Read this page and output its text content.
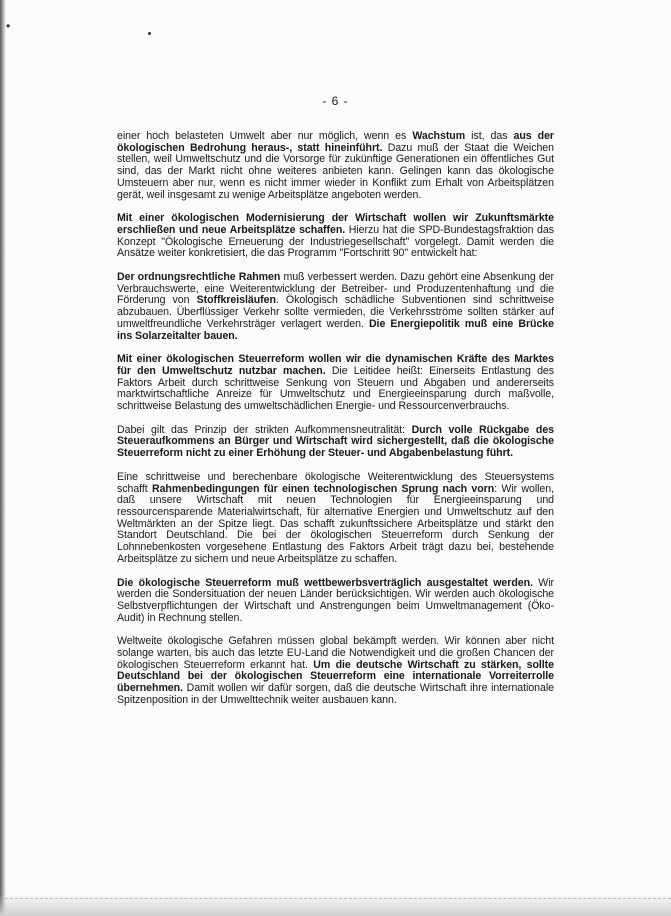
•
- 6 -

einer hoch belasteten Umwelt aber nur möglich, wenn es Wachstum ist, das aus der ökologischen Bedrohung heraus-, statt hineinführt. Dazu muß der Staat die Weichen stellen, weil Umweltschutz und die Vorsorge für zukünftige Generationen ein öffentliches Gut sind, das der Markt nicht ohne weiteres anbieten kann. Gelingen kann das ökologische Umsteuern aber nur, wenn es nicht immer wieder in Konflikt zum Erhalt von Arbeitsplätzen gerät, weil insgesamt zu wenige Arbeitsplätze angeboten werden.

Mit einer ökologischen Modernisierung der Wirtschaft wollen wir Zukunftsmärkte erschließen und neue Arbeitsplätze schaffen. Hierzu hat die SPD-Bundestagsfraktion das Konzept "Ökologische Erneuerung der Industriegesellschaft" vorgelegt. Damit werden die Ansätze weiter konkretisiert, die das Programm "Fortschritt 90" entwickelt hat:

Der ordnungsrechtliche Rahmen muß verbessert werden. Dazu gehört eine Absenkung der Verbrauchswerte, eine Weiterentwicklung der Betreiber- und Produzentenhaftung und die Förderung von Stoffkreisläufen. Ökologisch schädliche Subventionen sind schrittweise abzubauen. Überflüssiger Verkehr sollte vermieden, die Verkehrsströme sollten stärker auf umweltfreundliche Verkehrsträger verlagert werden. Die Energiepolitik muß eine Brücke ins Solarzeitalter bauen.

Mit einer ökologischen Steuerreform wollen wir die dynamischen Kräfte des Marktes für den Umweltschutz nutzbar machen. Die Leitidee heißt: Einerseits Entlastung des Faktors Arbeit durch schrittweise Senkung von Steuern und Abgaben und andererseits marktwirtschaftliche Anreize für Umweltschutz und Energieeinsparung durch maßvolle, schrittweise Belastung des umweltschädlichen Energie- und Ressourcenverbrauchs.

Dabei gilt das Prinzip der strikten Aufkommensneutralität: Durch volle Rückgabe des Steueraufkommens an Bürger und Wirtschaft wird sichergestellt, daß die ökologische Steuerreform nicht zu einer Erhöhung der Steuer- und Abgabenbelastung führt.

Eine schrittweise und berechenbare ökologische Weiterentwicklung des Steuersystems schafft Rahmenbedingungen für einen technologischen Sprung nach vorn: Wir wollen, daß unsere Wirtschaft mit neuen Technologien für Energieeinsparung und ressourcensparende Materialwirtschaft, für alternative Energien und Umweltschutz auf den Weltmärkten an der Spitze liegt. Das schafft zukunftssichere Arbeitsplätze und stärkt den Standort Deutschland. Die bei der ökologischen Steuerreform durch Senkung der Lohnnebenkosten vorgesehene Entlastung des Faktors Arbeit trägt dazu bei, bestehende Arbeitsplätze zu sichern und neue Arbeitsplätze zu schaffen.

Die ökologische Steuerreform muß wettbewerbsverträglich ausgestaltet werden. Wir werden die Sondersituation der neuen Länder berücksichtigen. Wir werden auch ökologische Selbstverpflichtungen der Wirtschaft und Anstrengungen beim Umweltmanagement (Öko-Audit) in Rechnung stellen.

Weltweite ökologische Gefahren müssen global bekämpft werden. Wir können aber nicht solange warten, bis auch das letzte EU-Land die Notwendigkeit und die großen Chancen der ökologischen Steuerreform erkannt hat. Um die deutsche Wirtschaft zu stärken, sollte Deutschland bei der ökologischen Steuerreform eine internationale Vorreiterrolle übernehmen. Damit wollen wir dafür sorgen, daß die deutsche Wirtschaft ihre internationale Spitzenposition in der Umwelttechnik weiter ausbauen kann.
